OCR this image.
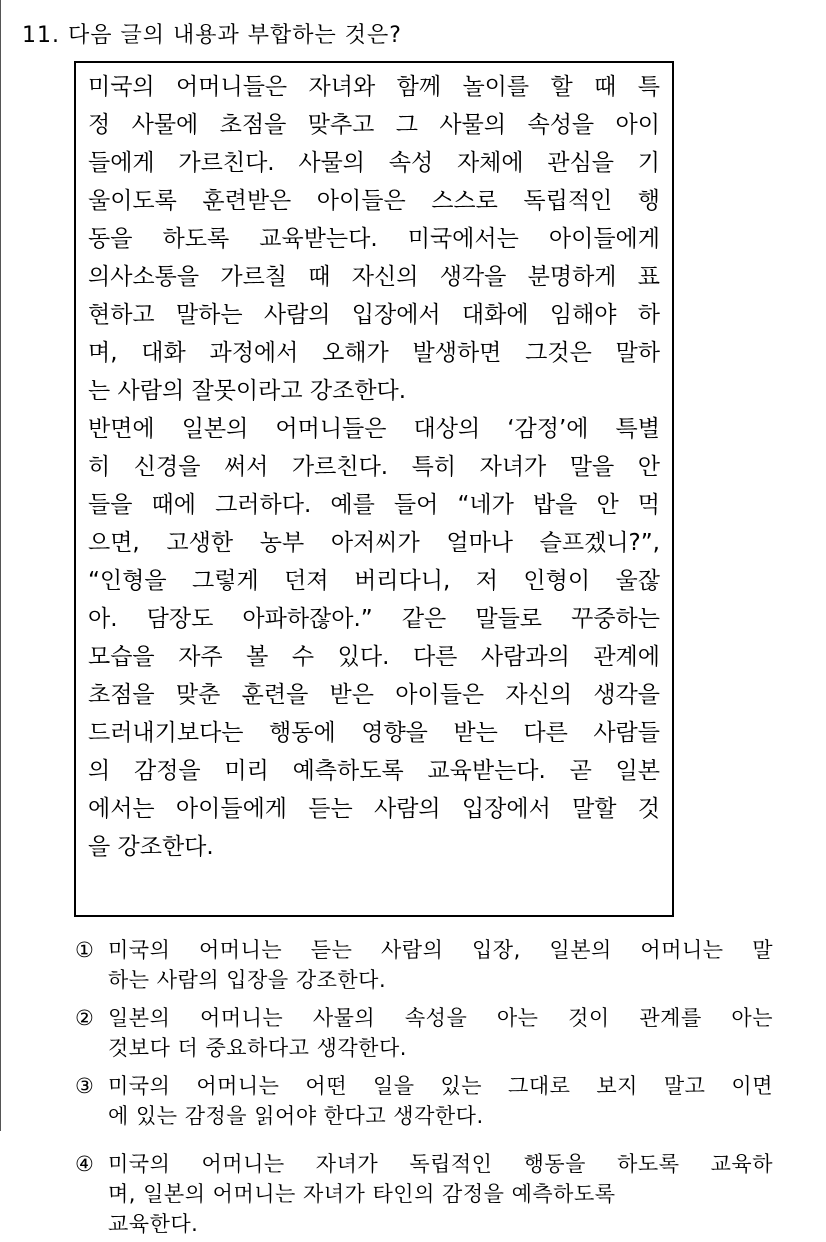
11. 다음 글의 내용과 부합하는 것은?
미국의 어머니들은 자녀와 함께 놀이를 할 때 특
정 사물에 초점을 맞추고 그 사물의 속성을 아이
들에게 가르친다. 사물의 속성 자체에 관심을 기
울이도록 훈련받은 아이들은 스스로 독립적인 행
동을 하도록 교육받는다. 미국에서는 아이들에게
의사소통을 가르칠 때 자신의 생각을 분명하게 표
현하고 말하는 사람의 입장에서 대화에 임해야 하
며, 대화 과정에서 오해가 발생하면 그것은 말하
는 사람의 잘못이라고 강조한다.
반면에 일본의 어머니들은 대상의 ‘감정’에 특별
히 신경을 써서 가르친다. 특히 자녀가 말을 안
들을 때에 그러하다. 예를 들어 “네가 밥을 안 먹
으면, 고생한 농부 아저씨가 얼마나 슬프겠니?”,
“인형을 그렇게 던져 버리다니, 저 인형이 울잖
아. 담장도 아파하잖아.” 같은 말들로 꾸중하는
모습을 자주 볼 수 있다. 다른 사람과의 관계에
초점을 맞춘 훈련을 받은 아이들은 자신의 생각을
드러내기보다는 행동에 영향을 받는 다른 사람들
의 감정을 미리 예측하도록 교육받는다. 곧 일본
에서는 아이들에게 듣는 사람의 입장에서 말할 것
을 강조한다.
① 미국의 어머니는 듣는 사람의 입장, 일본의 어머니는 말
하는 사람의 입장을 강조한다.
② 일본의 어머니는 사물의 속성을 아는 것이 관계를 아는
것보다 더 중요하다고 생각한다.
③ 미국의 어머니는 어떤 일을 있는 그대로 보지 말고 이면
에 있는 감정을 읽어야 한다고 생각한다.
④ 미국의 어머니는 자녀가 독립적인 행동을 하도록 교육하
며, 일본의 어머니는 자녀가 타인의 감정을 예측하도록
교육한다.
